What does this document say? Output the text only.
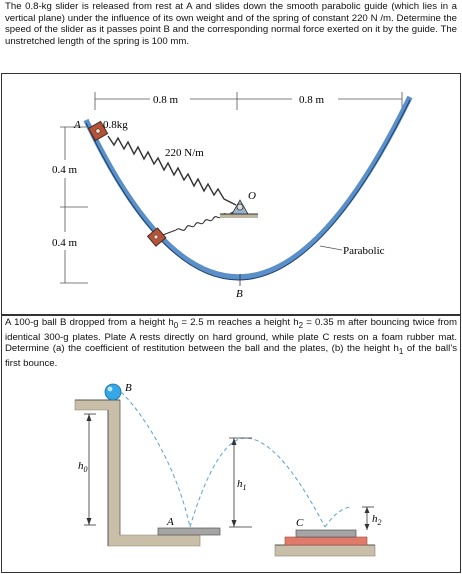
The 0.8-kg slider is released from rest at A and slides down the smooth parabolic guide (which lies in a vertical plane) under the influence of its own weight and of the spring of constant 220 N /m. Determine the speed of the slider as it passes point B and the corresponding normal force exerted on it by the guide. The unstretched length of the spring is 100 mm.
A 100-g ball B dropped from a height $h_0 = 2.5$ m reaches a height $h_2 = 0.35$ m after bouncing twice from identical 300-g plates. Plate A rests directly on hard ground, while plate C rests on a foam rubber mat. Determine (a) the coefficient of restitution between the ball and the plates, (b) the height $h_1$ of the ball’s first bounce.
0.8 m	0.8 m
0.4 m
0.4 m
A 0.8kg
220 N/m
O
B
Parabolic
B
$h_0$
$h_1$
$h_2$
A	C
